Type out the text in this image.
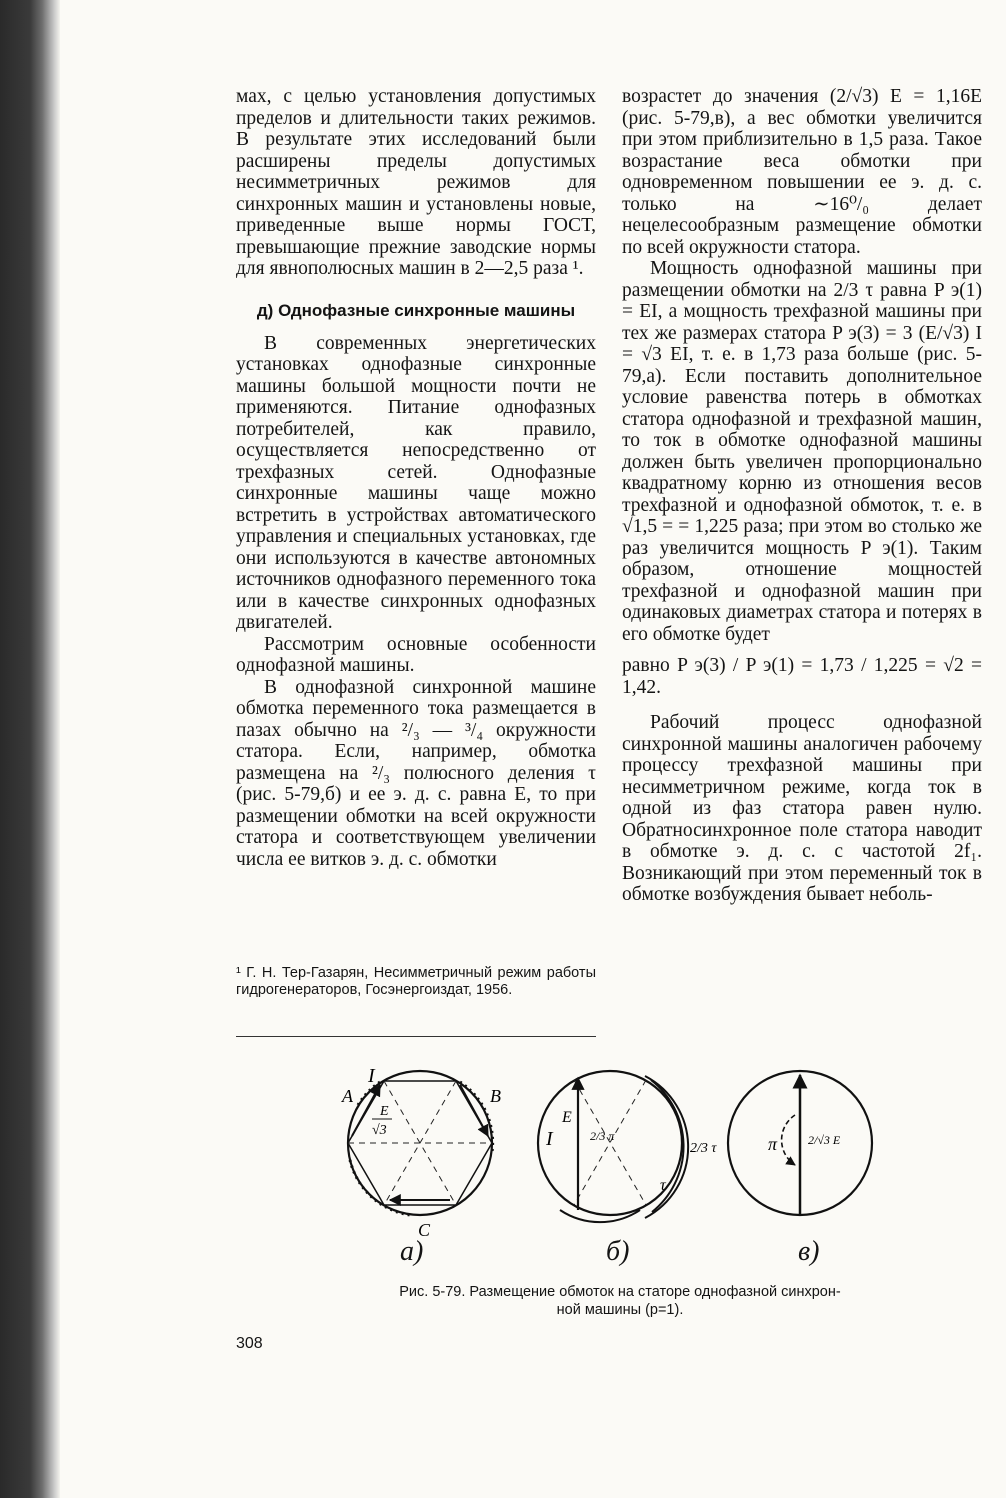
мах, с целью установления допустимых пределов и длительности таких режимов. В результате этих исследований были расширены пределы допустимых несимметричных режимов для синхронных машин и установлены новые, приведенные выше нормы ГОСТ, превышающие прежние заводские нормы для явнополюсных машин в 2—2,5 раза ¹.

д) Однофазные синхронные машины

В современных энергетических установках однофазные синхронные машины большой мощности почти не применяются. Питание однофазных потребителей, как правило, осуществляется непосредственно от трехфазных сетей. Однофазные синхронные машины чаще можно встретить в устройствах автоматического управления и специальных установках, где они используются в качестве автономных источников однофазного переменного тока или в качестве синхронных однофазных двигателей.

Рассмотрим основные особенности однофазной машины.

В однофазной синхронной машине обмотка переменного тока размещается в пазах обычно на ²/₃ — ³/₄ окружности статора. Если, например, обмотка размещена на ²/₃ полюсного деления τ (рис. 5-79,б) и ее э. д. с. равна E, то при размещении обмотки на всей окружности статора и соответствующем увеличении числа ее витков э. д. с. обмотки

¹ Г. Н. Тер-Газарян, Несимметричный режим работы гидрогенераторов, Госэнергоиздат, 1956.

возрастет до значения (2/√3) E = 1,16E (рис. 5-79,в), а вес обмотки увеличится при этом приблизительно в 1,5 раза. Такое возрастание веса обмотки при одновременном повышении ее э. д. с. только на ∼16⁰/₀ делает нецелесообразным размещение обмотки по всей окружности статора.

Мощность однофазной машины при размещении обмотки на 2/3 τ равна P э(1) = EI, а мощность трехфазной машины при тех же размерах статора P э(3) = 3 (E/√3) I = √3 EI, т. е. в 1,73 раза больше (рис. 5-79,а). Если поставить дополнительное условие равенства потерь в обмотках статора однофазной и трехфазной машин, то ток в обмотке однофазной машины должен быть увеличен пропорционально квадратному корню из отношения весов трехфазной и однофазной обмоток, т. е. в √1,5 = = 1,225 раза; при этом во столько же раз увеличится мощность P э(1). Таким образом, отношение мощностей трехфазной и однофазной машин при одинаковых диаметрах статора и потерях в его обмотке будет

равно P э(3) / P э(1) = 1,73 / 1,225 = √2 = 1,42.

Рабочий процесс однофазной синхронной машины аналогичен рабочему процессу трехфазной машины при несимметричном режиме, когда ток в одной из фаз статора равен нулю. Обратносинхронное поле статора наводит в обмотке э. д. с. с частотой 2f₁. Возникающий при этом переменный ток в обмотке возбуждения бывает неболь-

I
A	B
C
E
√3	I
E
2/3 π
2/3 τ
τ
π	2/√3 E
а)	б)	в)
Рис. 5-79. Размещение обмоток на статоре однофазной синхрон-
ной машины (p=1).
308
